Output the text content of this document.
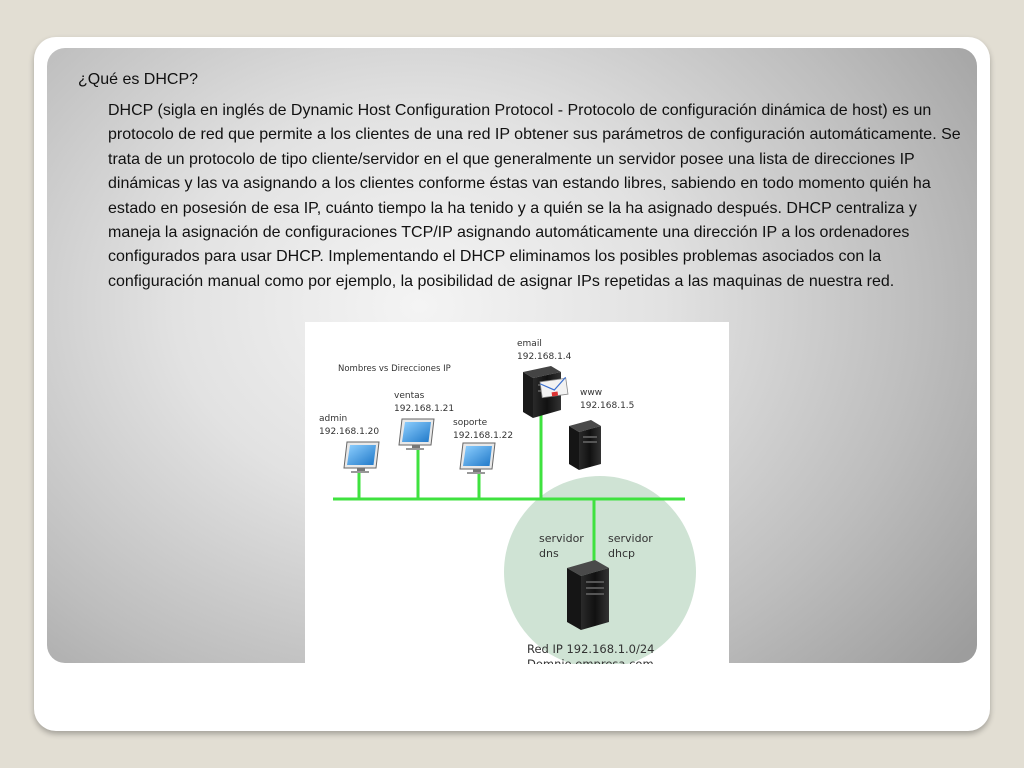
¿Qué es DHCP?

DHCP (sigla en inglés de Dynamic Host Configuration Protocol - Protocolo de configuración dinámica de host) es un protocolo de red que permite a los clientes de una red IP obtener sus parámetros de configuración automáticamente. Se trata de un protocolo de tipo cliente/servidor en el que generalmente un servidor posee una lista de direcciones IP dinámicas y las va asignando a los clientes conforme éstas van estando libres, sabiendo en todo momento quién ha estado en posesión de esa IP, cuánto tiempo la ha tenido y a quién se la ha asignado después. DHCP centraliza y maneja la asignación de configuraciones TCP/IP asignando automáticamente una dirección IP a los ordenadores configurados para usar DHCP. Implementando el DHCP eliminamos los posibles problemas asociados con la configuración manual como por ejemplo, la posibilidad de asignar IPs repetidas a las maquinas de nuestra red.

Nombres vs Direcciones IP
admin
192.168.1.20
ventas
192.168.1.21
soporte
192.168.1.22
email
192.168.1.4
www
192.168.1.5
servidor
dns
servidor
dhcp
Red IP 192.168.1.0/24
Domnio empresa.com
